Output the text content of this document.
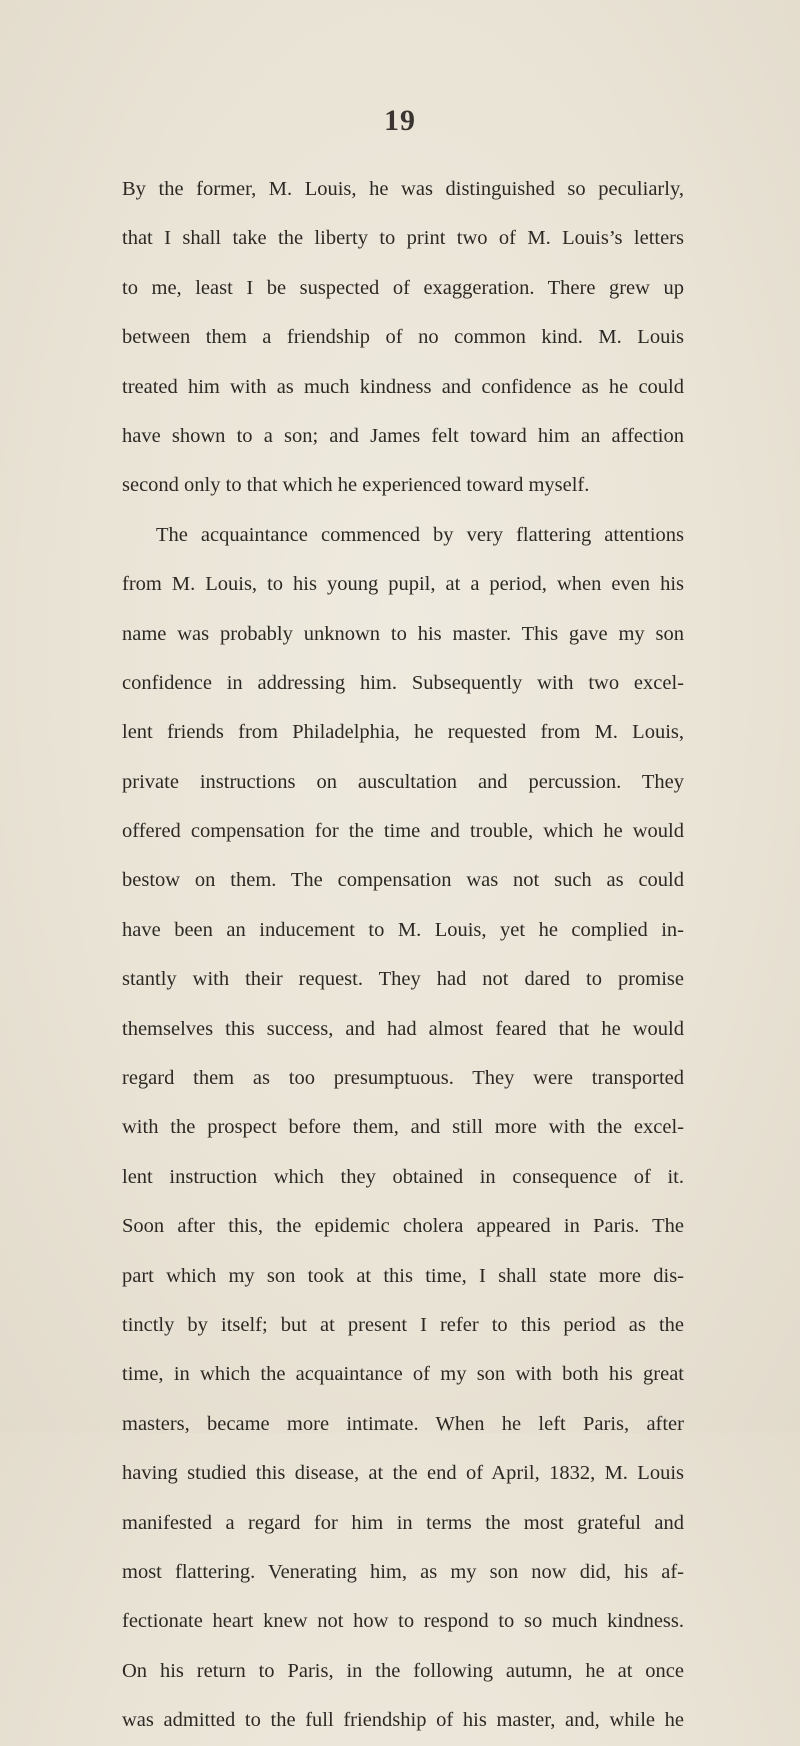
19
By the former, M. Louis, he was distinguished so peculiarly,
that I shall take the liberty to print two of M. Louis’s letters
to me, least I be suspected of exaggeration. There grew up
between them a friendship of no common kind. M. Louis
treated him with as much kindness and confidence as he could
have shown to a son; and James felt toward him an affection
second only to that which he experienced toward myself.
The acquaintance commenced by very flattering attentions
from M. Louis, to his young pupil, at a period, when even his
name was probably unknown to his master. This gave my son
confidence in addressing him. Subsequently with two excel-
lent friends from Philadelphia, he requested from M. Louis,
private instructions on auscultation and percussion. They
offered compensation for the time and trouble, which he would
bestow on them. The compensation was not such as could
have been an inducement to M. Louis, yet he complied in-
stantly with their request. They had not dared to promise
themselves this success, and had almost feared that he would
regard them as too presumptuous. They were transported
with the prospect before them, and still more with the excel-
lent instruction which they obtained in consequence of it.
Soon after this, the epidemic cholera appeared in Paris. The
part which my son took at this time, I shall state more dis-
tinctly by itself; but at present I refer to this period as the
time, in which the acquaintance of my son with both his great
masters, became more intimate. When he left Paris, after
having studied this disease, at the end of April, 1832, M. Louis
manifested a regard for him in terms the most grateful and
most flattering. Venerating him, as my son now did, his af-
fectionate heart knew not how to respond to so much kindness.
On his return to Paris, in the following autumn, he at once
was admitted to the full friendship of his master, and, while he
